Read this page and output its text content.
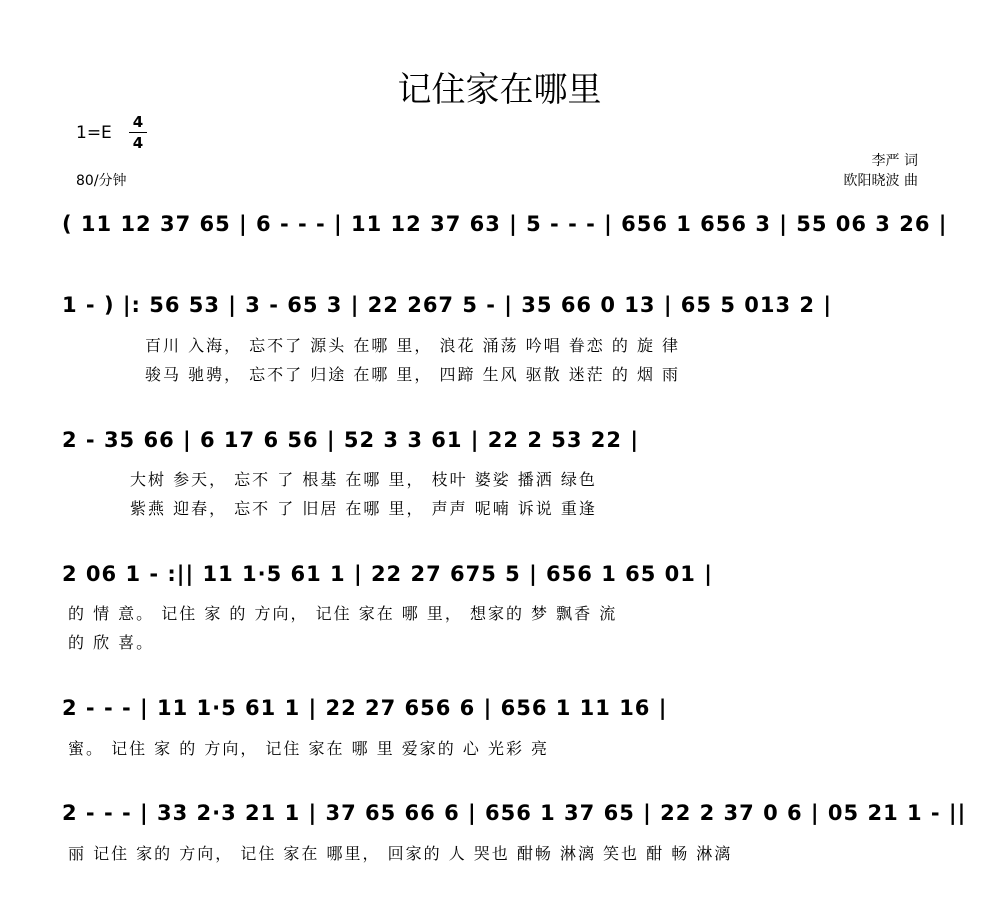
记住家在哪里
1=E
4
4
80/分钟
李严 词
欧阳晓波 曲
( 11 12 37 65 | 6 - - - | 11 12 37 63 | 5 - - - | 656 1 656 3 | 55 06 3 26 |
1 - ) |: 56 53 | 3 - 65 3 | 22 267 5 - | 35 66 0 13 | 65 5 013 2 |
百川 入海， 忘不了 源头 在哪 里， 浪花 涌荡 吟唱 眷恋 的 旋 律
骏马 驰骋， 忘不了 归途 在哪 里， 四蹄 生风 驱散 迷茫 的 烟 雨
2 - 35 66 | 6 17 6 56 | 52 3 3 61 | 22 2 53 22 |
大树 参天， 忘不 了 根基 在哪 里， 枝叶 婆娑 播洒 绿色
紫燕 迎春， 忘不 了 旧居 在哪 里， 声声 呢喃 诉说 重逢
2 06 1 - :|| 11 1·5 61 1 | 22 27 675 5 | 656 1 65 01 |
的 情 意。 记住 家 的 方向， 记住 家在 哪 里， 想家的 梦 飘香 流
的 欣 喜。
2 - - - | 11 1·5 61 1 | 22 27 656 6 | 656 1 11 16 |
蜜。 记住 家 的 方向， 记住 家在 哪 里 爱家的 心 光彩 亮
2 - - - | 33 2·3 21 1 | 37 65 66 6 | 656 1 37 65 | 22 2 37 0 6 | 05 21 1 - ||
丽 记住 家的 方向， 记住 家在 哪里， 回家的 人 哭也 酣畅 淋漓 笑也 酣 畅 淋漓
